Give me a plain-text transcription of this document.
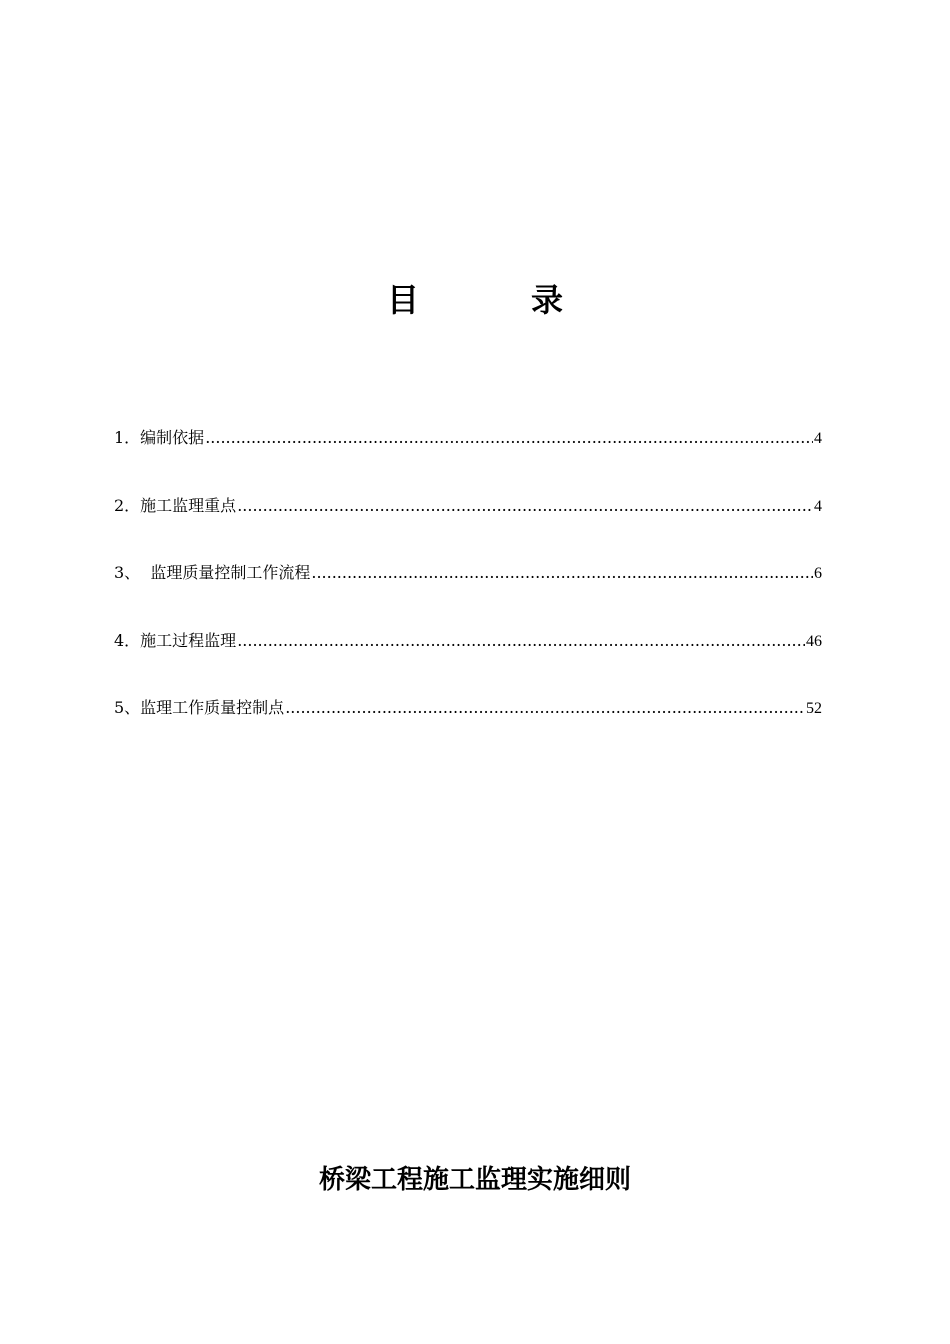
目	录
1．编制依据 .....	4
2．施工监理重点 .....	4
3、  监理质量控制工作流程 .....	6
4．施工过程监理 .....	46
5、监理工作质量控制点 .....	52
桥梁工程施工监理实施细则
